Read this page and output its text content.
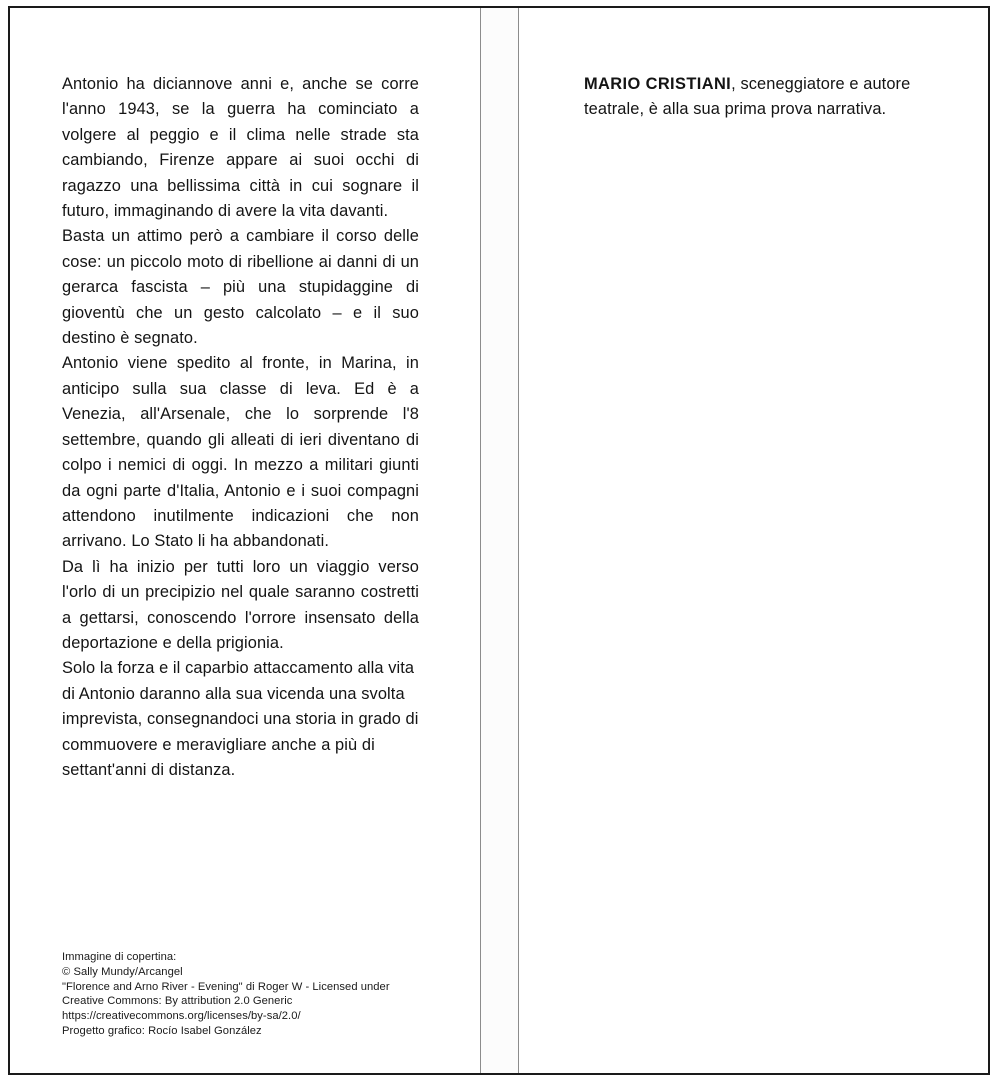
Antonio ha diciannove anni e, anche se corre l'anno 1943, se la guerra ha cominciato a volgere al peggio e il clima nelle strade sta cambiando, Firenze appare ai suoi occhi di ragazzo una bellissima città in cui sognare il futuro, immaginando di avere la vita davanti.

Basta un attimo però a cambiare il corso delle cose: un piccolo moto di ribellione ai danni di un gerarca fascista – più una stupidaggine di gioventù che un gesto calcolato – e il suo destino è segnato.

Antonio viene spedito al fronte, in Marina, in anticipo sulla sua classe di leva. Ed è a Venezia, all'Arsenale, che lo sorprende l'8 settembre, quando gli alleati di ieri diventano di colpo i nemici di oggi. In mezzo a militari giunti da ogni parte d'Italia, Antonio e i suoi compagni attendono inutilmente indicazioni che non arrivano. Lo Stato li ha abbandonati.

Da lì ha inizio per tutti loro un viaggio verso l'orlo di un precipizio nel quale saranno costretti a gettarsi, conoscendo l'orrore insensato della deportazione e della prigionia.

Solo la forza e il caparbio attaccamento alla vita di Antonio daranno alla sua vicenda una svolta imprevista, consegnandoci una storia in grado di commuovere e meravigliare anche a più di settant'anni di distanza.

Immagine di copertina:
© Sally Mundy/Arcangel
"Florence and Arno River - Evening" di Roger W - Licensed under
Creative Commons: By attribution 2.0 Generic
https://creativecommons.org/licenses/by-sa/2.0/
Progetto grafico: Rocío Isabel González

MARIO CRISTIANI, sceneggiatore e autore teatrale, è alla sua prima prova narrativa.
